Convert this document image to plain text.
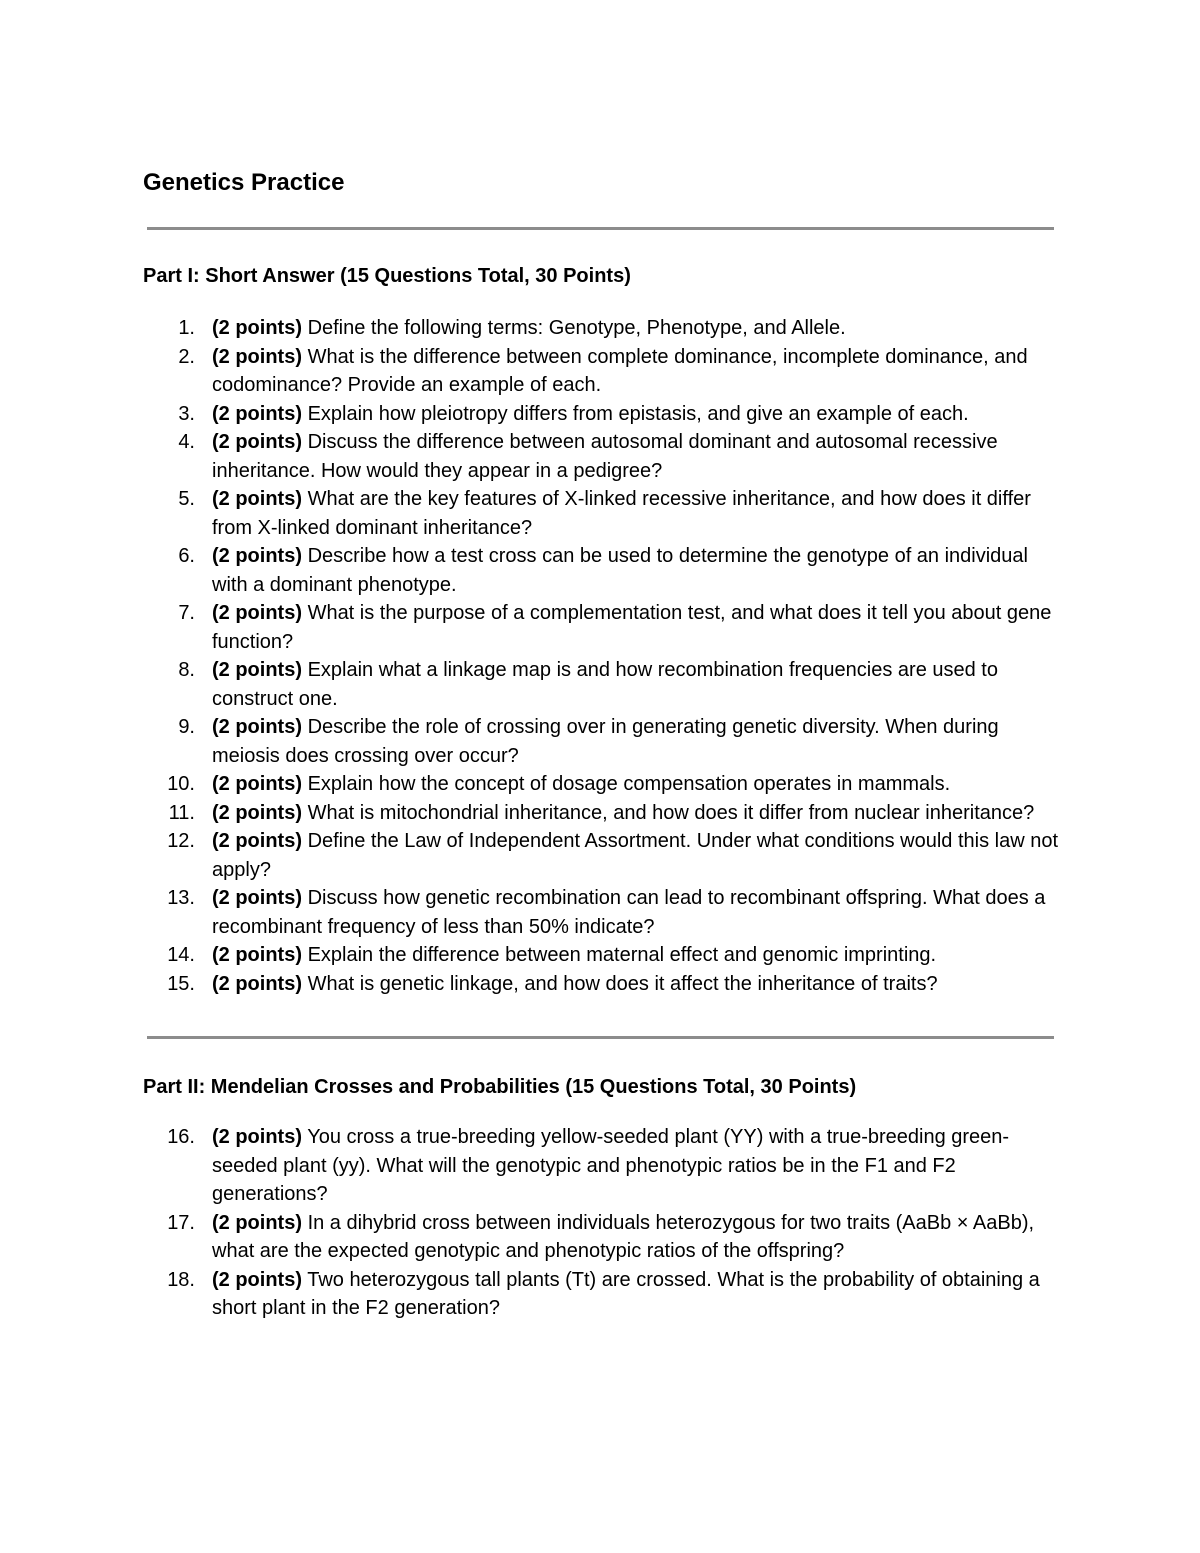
Genetics Practice
Part I: Short Answer (15 Questions Total, 30 Points)
1. (2 points) Define the following terms: Genotype, Phenotype, and Allele.
2. (2 points) What is the difference between complete dominance, incomplete dominance, and codominance? Provide an example of each.
3. (2 points) Explain how pleiotropy differs from epistasis, and give an example of each.
4. (2 points) Discuss the difference between autosomal dominant and autosomal recessive inheritance. How would they appear in a pedigree?
5. (2 points) What are the key features of X-linked recessive inheritance, and how does it differ from X-linked dominant inheritance?
6. (2 points) Describe how a test cross can be used to determine the genotype of an individual with a dominant phenotype.
7. (2 points) What is the purpose of a complementation test, and what does it tell you about gene function?
8. (2 points) Explain what a linkage map is and how recombination frequencies are used to construct one.
9. (2 points) Describe the role of crossing over in generating genetic diversity. When during meiosis does crossing over occur?
10. (2 points) Explain how the concept of dosage compensation operates in mammals.
11. (2 points) What is mitochondrial inheritance, and how does it differ from nuclear inheritance?
12. (2 points) Define the Law of Independent Assortment. Under what conditions would this law not apply?
13. (2 points) Discuss how genetic recombination can lead to recombinant offspring. What does a recombinant frequency of less than 50% indicate?
14. (2 points) Explain the difference between maternal effect and genomic imprinting.
15. (2 points) What is genetic linkage, and how does it affect the inheritance of traits?
Part II: Mendelian Crosses and Probabilities (15 Questions Total, 30 Points)
16. (2 points) You cross a true-breeding yellow-seeded plant (YY) with a true-breeding green-seeded plant (yy). What will the genotypic and phenotypic ratios be in the F1 and F2 generations?
17. (2 points) In a dihybrid cross between individuals heterozygous for two traits (AaBb × AaBb), what are the expected genotypic and phenotypic ratios of the offspring?
18. (2 points) Two heterozygous tall plants (Tt) are crossed. What is the probability of obtaining a short plant in the F2 generation?
